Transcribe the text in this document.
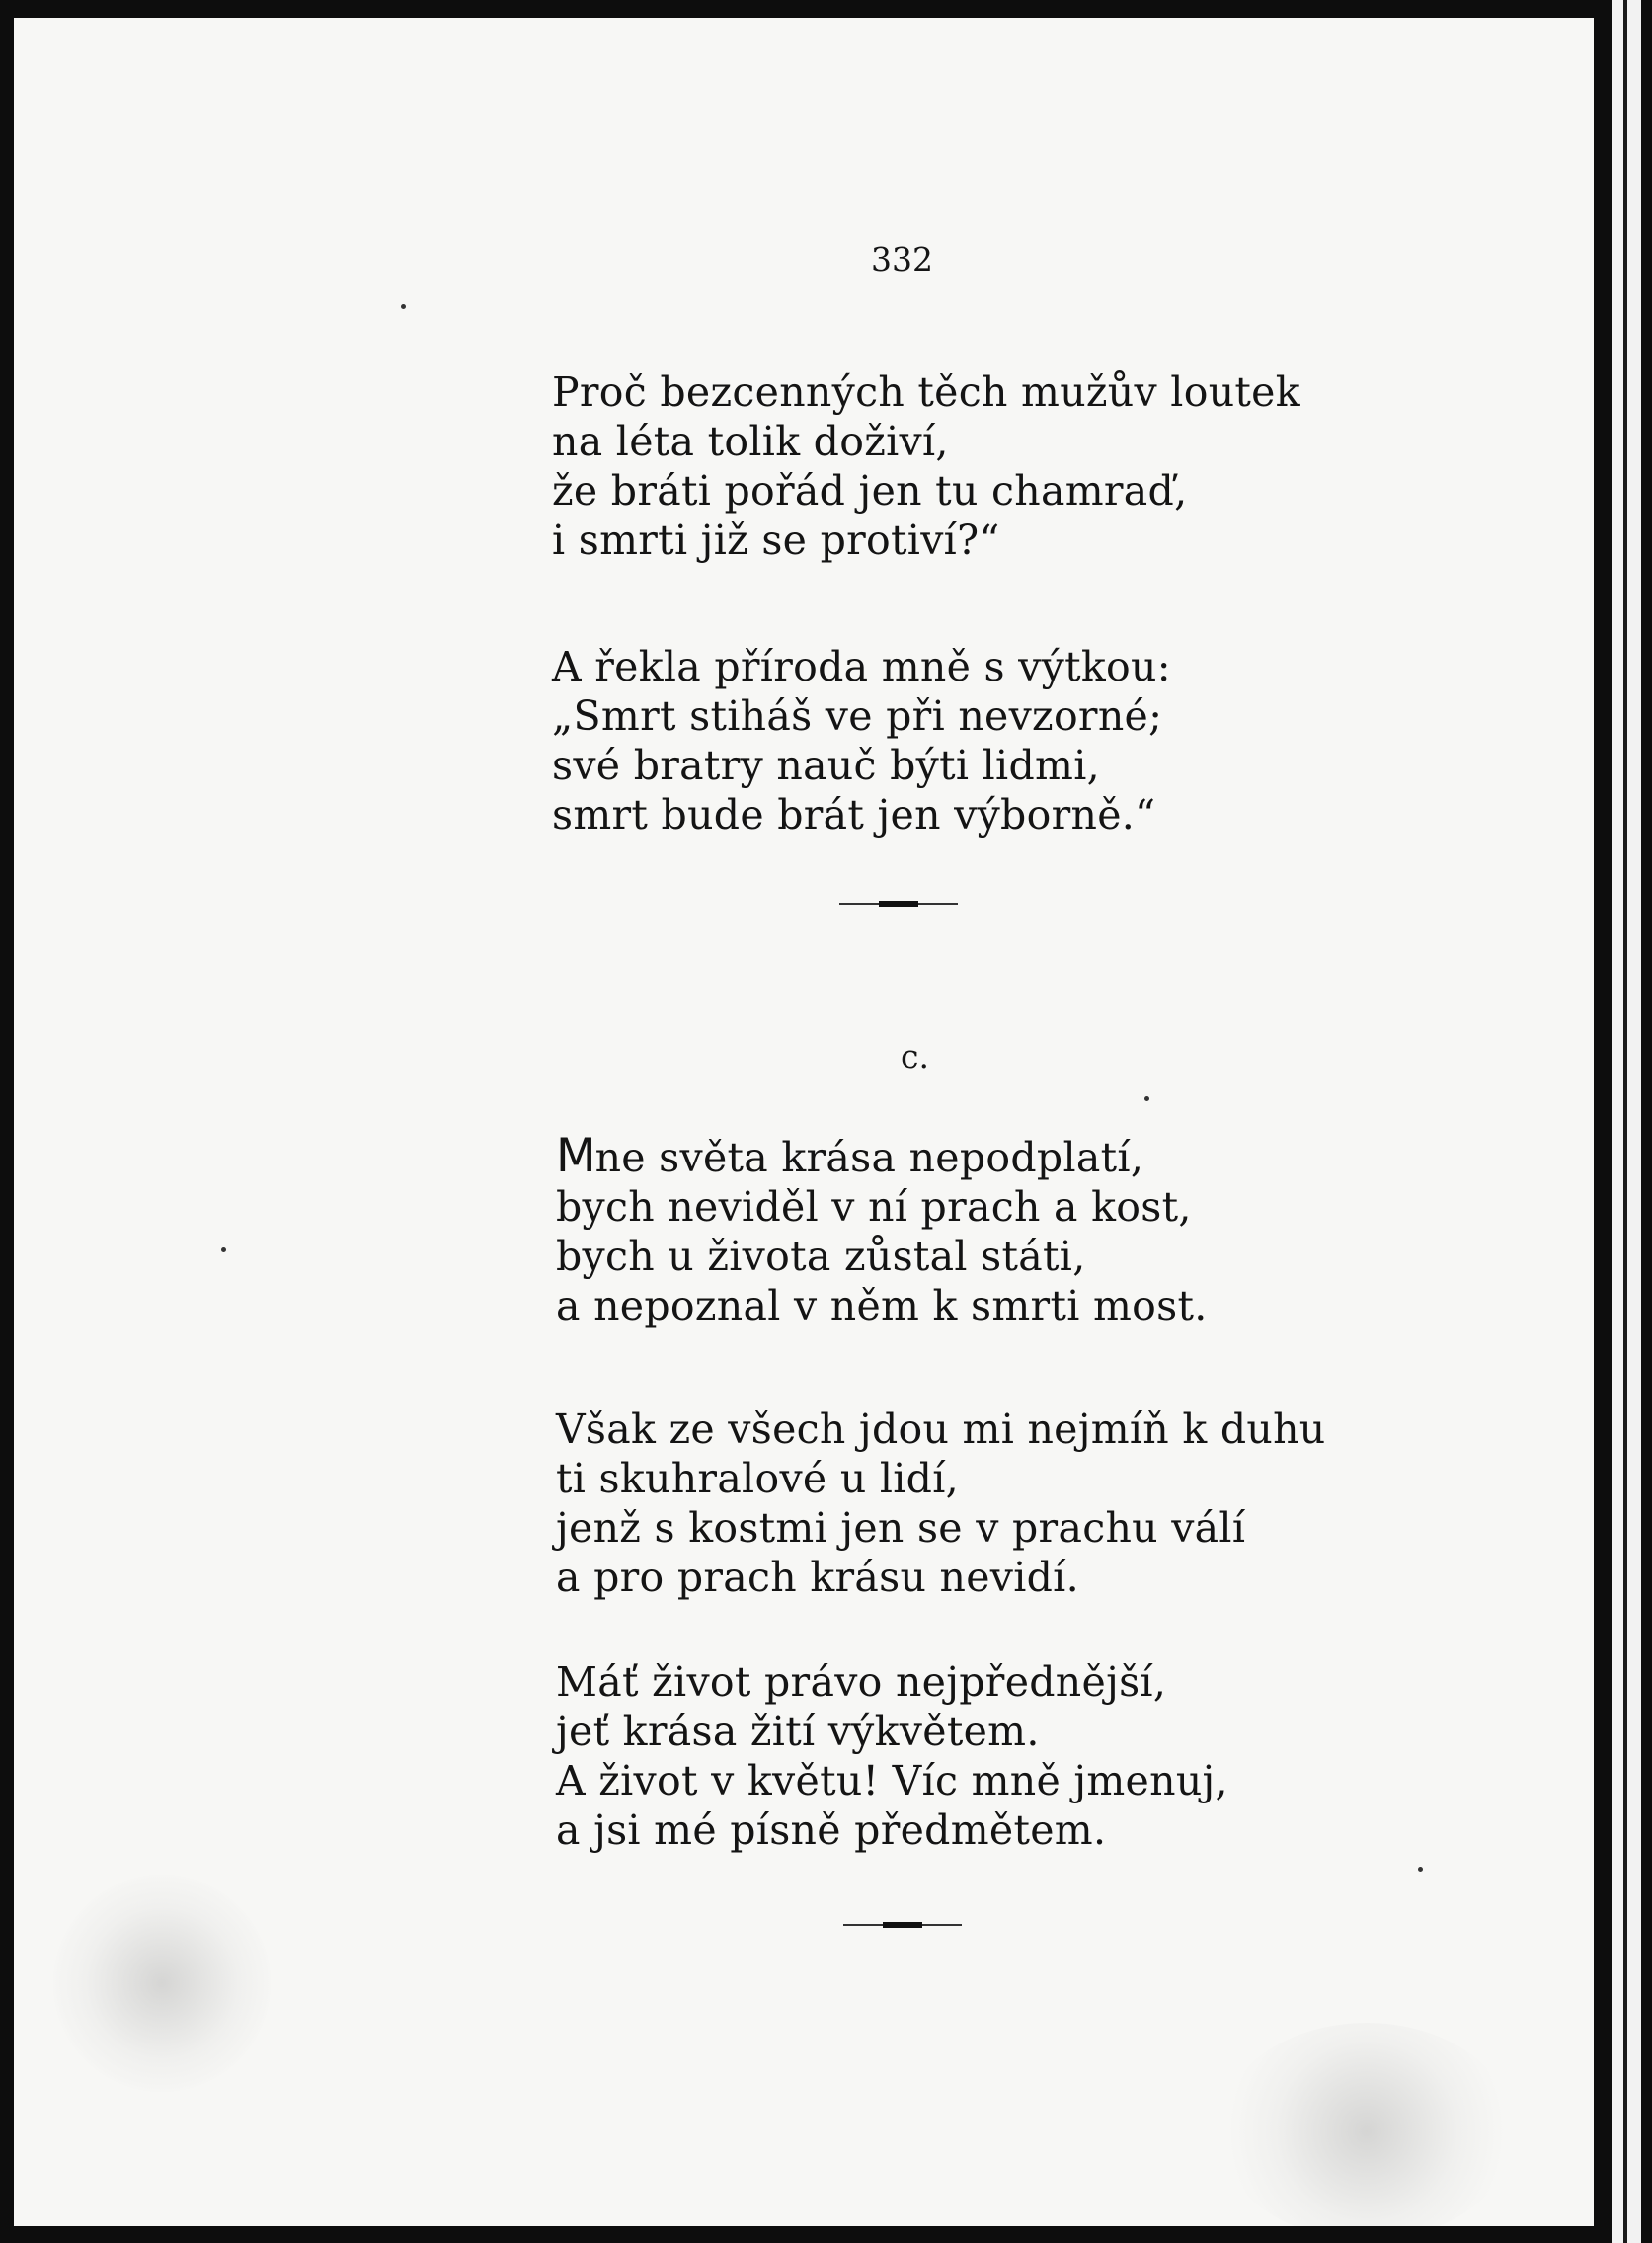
332
Proč bezcenných těch mužův loutek
na léta tolik doživí,
že bráti pořád jen tu chamraď,
i smrti již se protiví?“
A řekla příroda mně s výtkou:
„Smrt stiháš ve při nevzorné;
své bratry nauč býti lidmi,
smrt bude brát jen výborně.“
c.
Mne světa krása nepodplatí,
bych neviděl v ní prach a kost,
bych u života zůstal státi,
a nepoznal v něm k smrti most.
Však ze všech jdou mi nejmíň k duhu
ti skuhralové u lidí,
jenž s kostmi jen se v prachu válí
a pro prach krásu nevidí.
Máť život právo nejpřednější,
jeť krása žití výkvětem.
A život v květu! Víc mně jmenuj,
a jsi mé písně předmětem.
